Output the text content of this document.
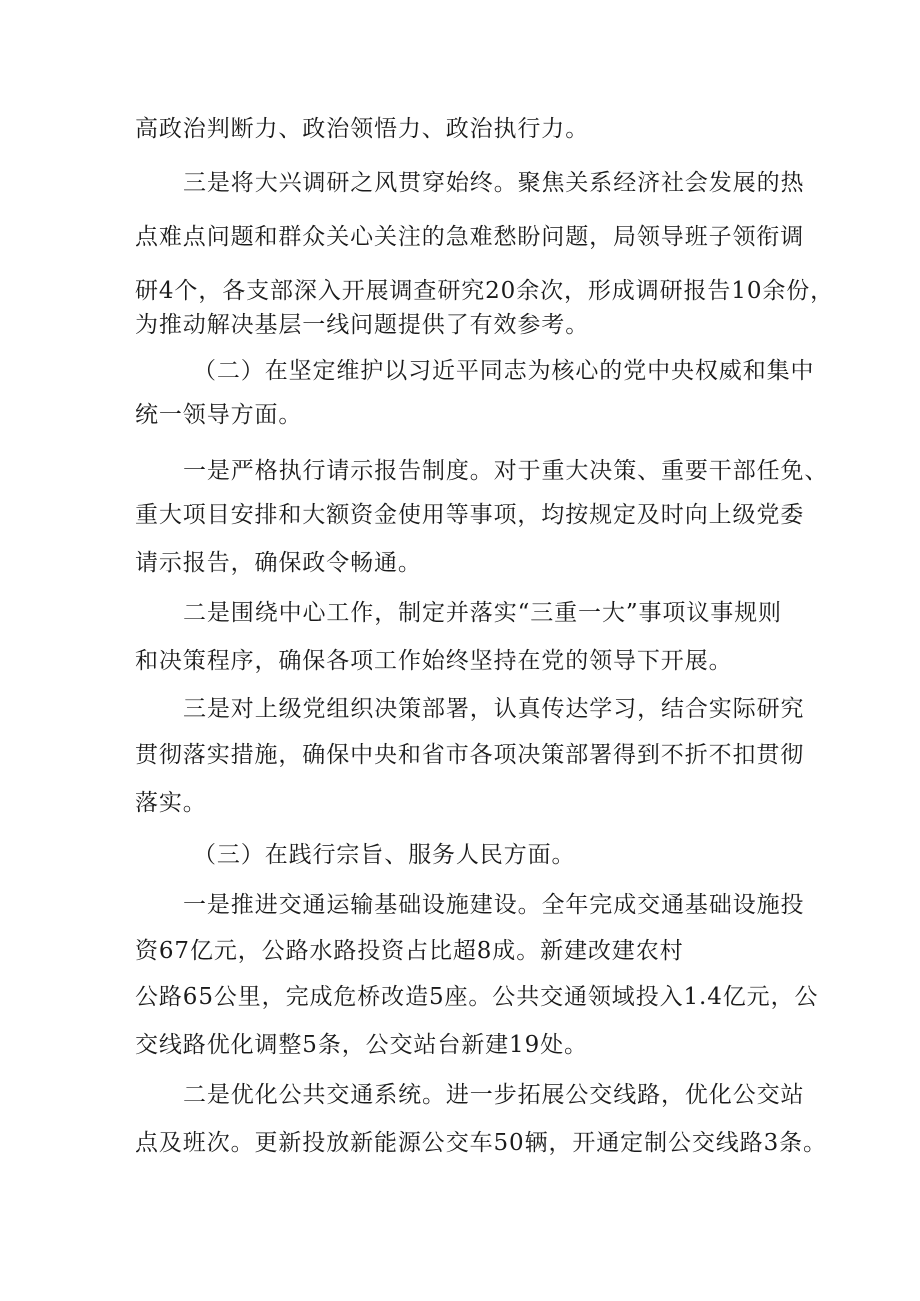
高政治判断力、政治领悟力、政治执行力。
三是将大兴调研之风贯穿始终。聚焦关系经济社会发展的热
点难点问题和群众关心关注的急难愁盼问题，局领导班子领衔调
研4个，各支部深入开展调查研究20余次，形成调研报告10余份，
为推动解决基层一线问题提供了有效参考。
（二）在坚定维护以习近平同志为核心的党中央权威和集中
统一领导方面。
一是严格执行请示报告制度。对于重大决策、重要干部任免、
重大项目安排和大额资金使用等事项，均按规定及时向上级党委
请示报告，确保政令畅通。
二是围绕中心工作，制定并落实“三重一大”事项议事规则
和决策程序，确保各项工作始终坚持在党的领导下开展。
三是对上级党组织决策部署，认真传达学习，结合实际研究
贯彻落实措施，确保中央和省市各项决策部署得到不折不扣贯彻
落实。
（三）在践行宗旨、服务人民方面。
一是推进交通运输基础设施建设。全年完成交通基础设施投
资67亿元，公路水路投资占比超8成。新建改建农村
公路65公里，完成危桥改造5座。公共交通领域投入1.4亿元，公
交线路优化调整5条，公交站台新建19处。
二是优化公共交通系统。进一步拓展公交线路，优化公交站
点及班次。更新投放新能源公交车50辆，开通定制公交线路3条。
